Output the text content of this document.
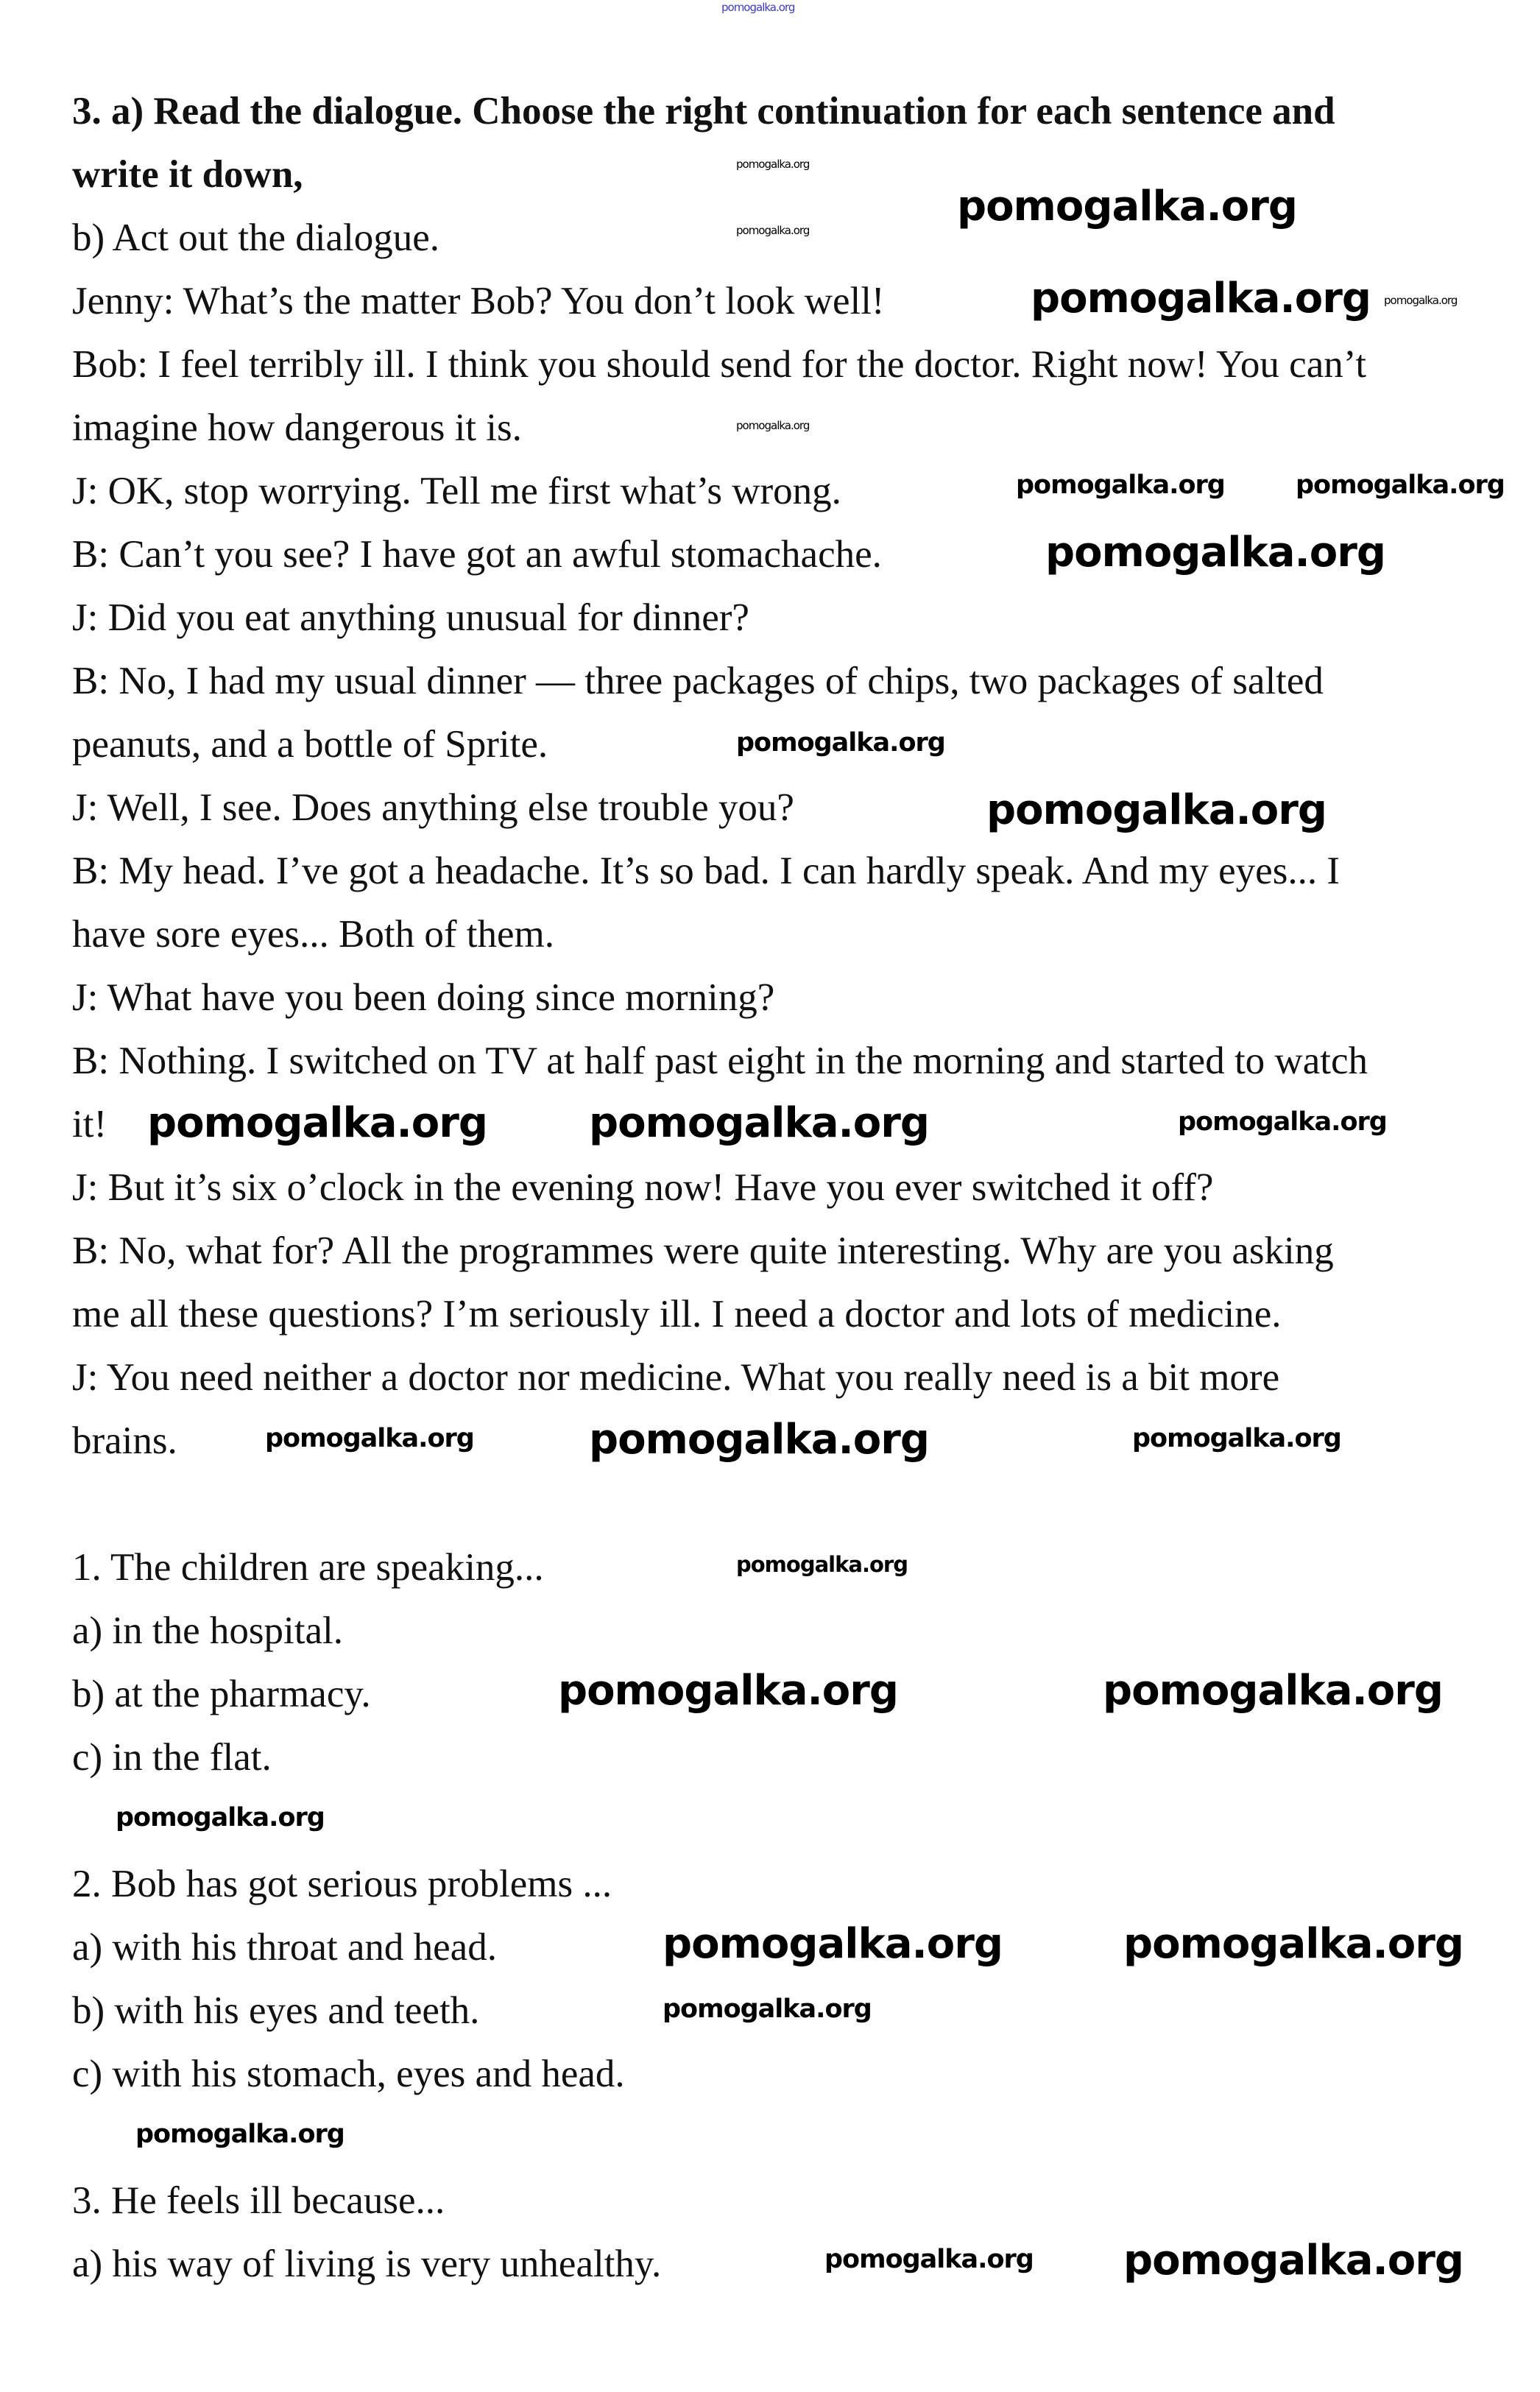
pomogalka.org
3. a) Read the dialogue. Choose the right continuation for each sentence and
write it down,
b) Act out the dialogue.
Jenny: What’s the matter Bob? You don’t look well!
Bob: I feel terribly ill. I think you should send for the doctor. Right now! You can’t
imagine how dangerous it is.
J: OK, stop worrying. Tell me first what’s wrong.
B: Can’t you see? I have got an awful stomachache.
J: Did you eat anything unusual for dinner?
B: No, I had my usual dinner — three packages of chips, two packages of salted
peanuts, and a bottle of Sprite.
J: Well, I see. Does anything else trouble you?
B: My head. I’ve got a headache. It’s so bad. I can hardly speak. And my eyes... I
have sore eyes... Both of them.
J: What have you been doing since morning?
B: Nothing. I switched on TV at half past eight in the morning and started to watch
it!
J: But it’s six o’clock in the evening now! Have you ever switched it off?
B: No, what for? All the programmes were quite interesting. Why are you asking
me all these questions? I’m seriously ill. I need a doctor and lots of medicine.
J: You need neither a doctor nor medicine. What you really need is a bit more
brains.
1. The children are speaking...
a) in the hospital.
b) at the pharmacy.
c) in the flat.
2. Bob has got serious problems ...
a) with his throat and head.
b) with his eyes and teeth.
c) with his stomach, eyes and head.
3. He feels ill because...
a) his way of living is very unhealthy.
pomogalka.org
pomogalka.org
pomogalka.org
pomogalka.org
pomogalka.org
pomogalka.org
pomogalka.org
pomogalka.org
pomogalka.org pomogalka.org
pomogalka.org
pomogalka.org	pomogalka.org
pomogalka.org	pomogalka.org
pomogalka.org
pomogalka.org	pomogalka.org
pomogalka.org
pomogalka.org
pomogalka.org	pomogalka.org
pomogalka.org
pomogalka.org
pomogalka.org
pomogalka.org
pomogalka.org
